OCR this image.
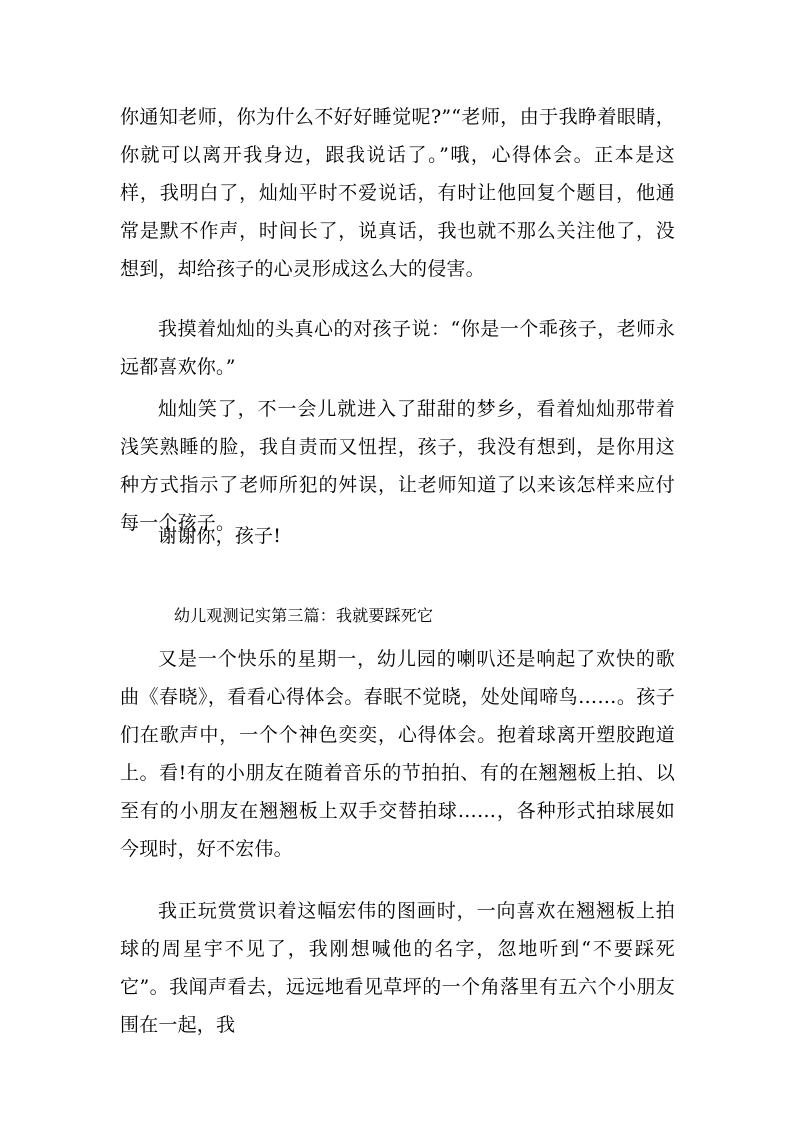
你通知老师，你为什么不好好睡觉呢?”“老师，由于我睁着眼睛，你就可以离开我身边，跟我说话了。”哦，心得体会。正本是这样，我明白了，灿灿平时不爱说话，有时让他回复个题目，他通常是默不作声，时间长了，说真话，我也就不那么关注他了，没想到，却给孩子的心灵形成这么大的侵害。

我摸着灿灿的头真心的对孩子说：“你是一个乖孩子，老师永远都喜欢你。”

灿灿笑了，不一会儿就进入了甜甜的梦乡，看着灿灿那带着浅笑熟睡的脸，我自责而又忸捏，孩子，我没有想到，是你用这种方式指示了老师所犯的舛误，让老师知道了以来该怎样来应付每一个孩子。

谢谢你，孩子!

幼儿观测记实第三篇：我就要踩死它

又是一个快乐的星期一，幼儿园的喇叭还是响起了欢快的歌曲《春晓》，看看心得体会。春眠不觉晓，处处闻啼鸟……。孩子们在歌声中，一个个神色奕奕，心得体会。抱着球离开塑胶跑道上。看!有的小朋友在随着音乐的节拍拍、有的在翘翘板上拍、以至有的小朋友在翘翘板上双手交替拍球……，各种形式拍球展如今现时，好不宏伟。

我正玩赏赏识着这幅宏伟的图画时，一向喜欢在翘翘板上拍球的周星宇不见了，我刚想喊他的名字，忽地听到“不要踩死它”。我闻声看去，远远地看见草坪的一个角落里有五六个小朋友围在一起，我
